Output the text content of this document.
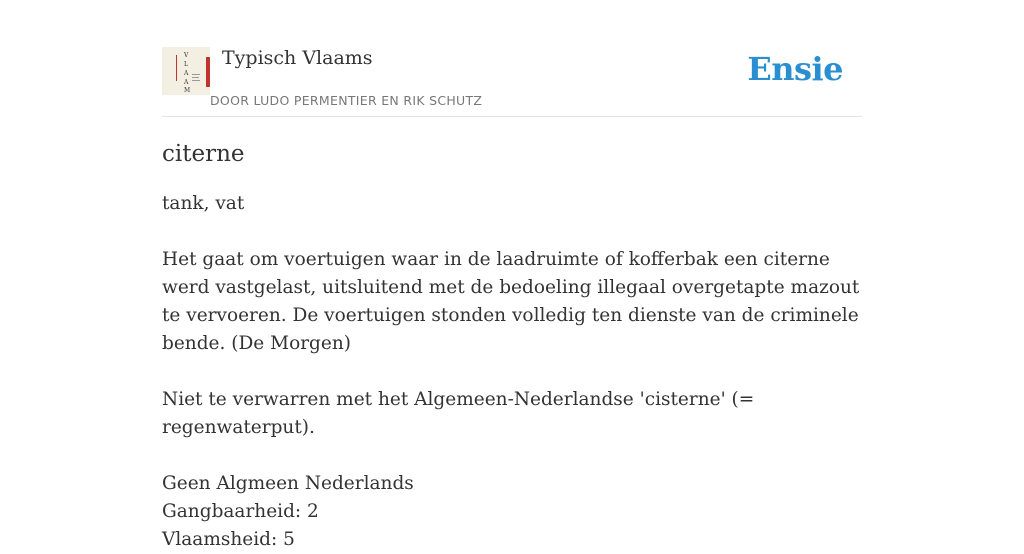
V
L
A
A
M
Typisch Vlaams
DOOR LUDO PERMENTIER EN RIK SCHUTZ
Ensie
citerne

tank, vat

Het gaat om voertuigen waar in de laadruimte of kofferbak een citerne werd vastgelast, uitsluitend met de bedoeling illegaal overgetapte mazout te vervoeren. De voertuigen stonden volledig ten dienste van de criminele bende. (De Morgen)

Niet te verwarren met het Algemeen-Nederlandse 'cisterne' (= regenwaterput).

Geen Algmeen Nederlands
Gangbaarheid: 2
Vlaamsheid: 5
